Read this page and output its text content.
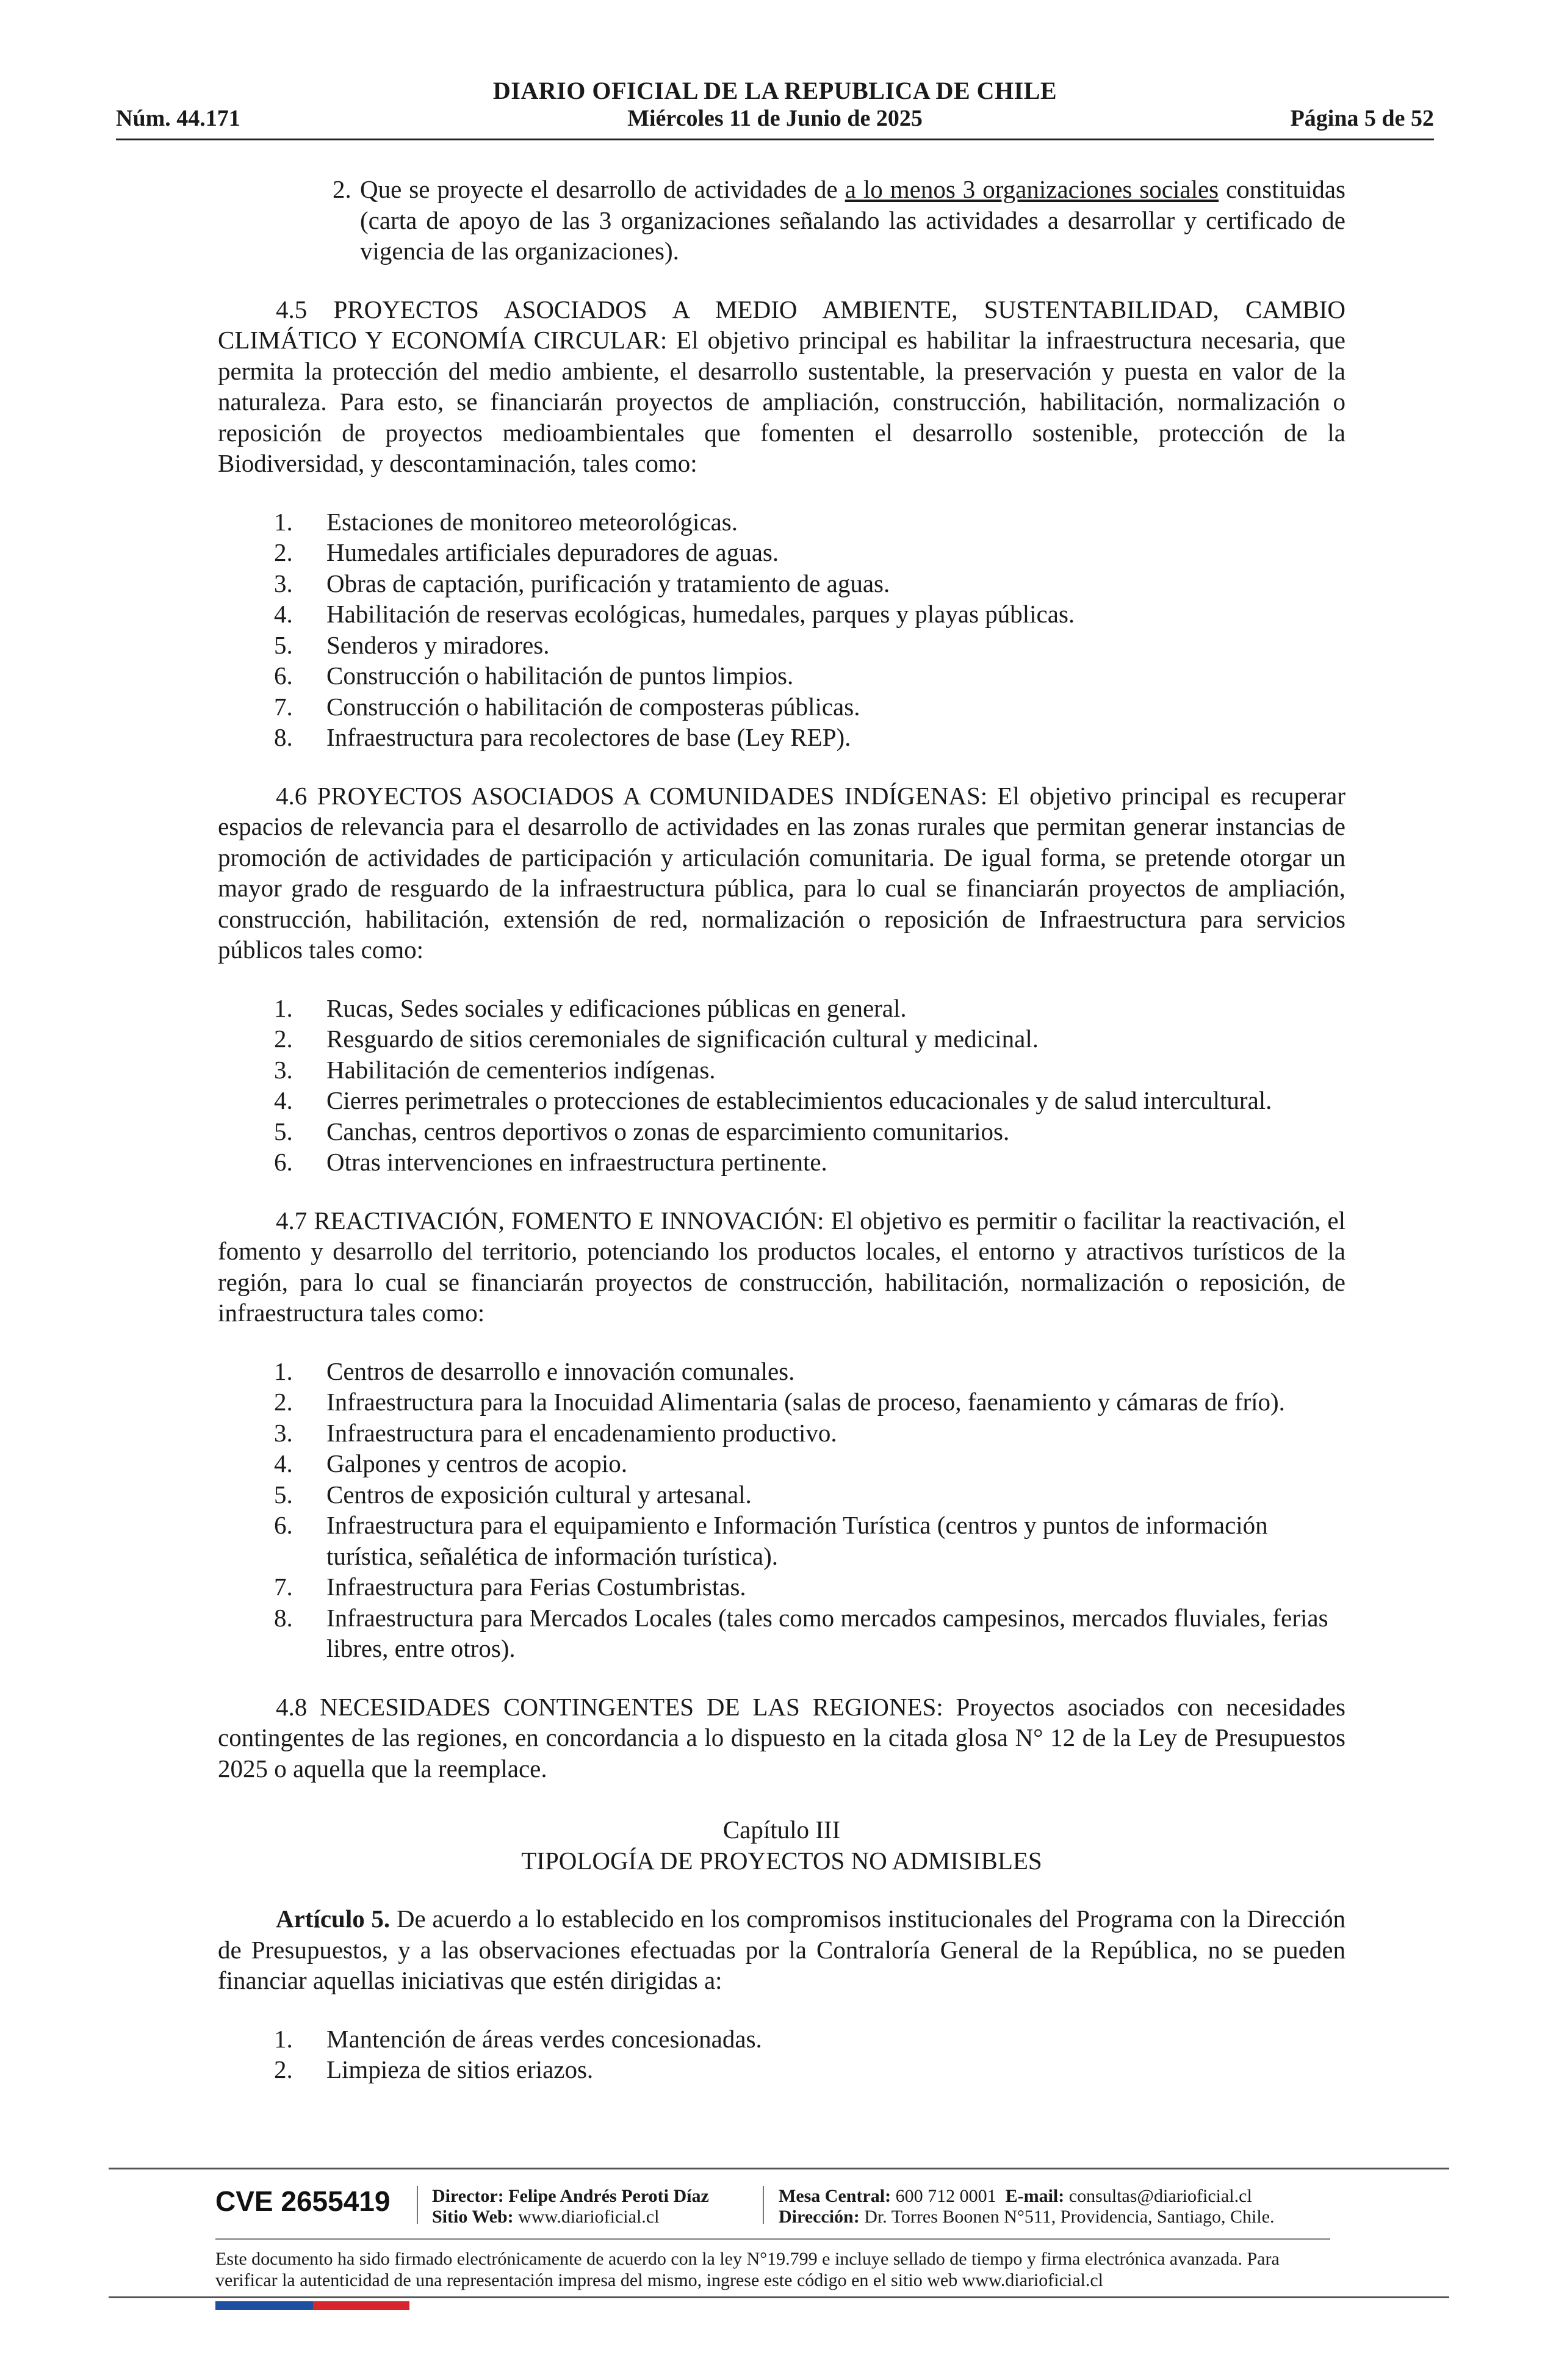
DIARIO OFICIAL DE LA REPUBLICA DE CHILE
Núm. 44.171	Miércoles 11 de Junio de 2025	Página 5 de 52
2. Que se proyecte el desarrollo de actividades de a lo menos 3 organizaciones sociales constituidas (carta de apoyo de las 3 organizaciones señalando las actividades a desarrollar y certificado de vigencia de las organizaciones).

4.5 PROYECTOS ASOCIADOS A MEDIO AMBIENTE, SUSTENTABILIDAD, CAMBIO CLIMÁTICO Y ECONOMÍA CIRCULAR: El objetivo principal es habilitar la infraestructura necesaria, que permita la protección del medio ambiente, el desarrollo sustentable, la preservación y puesta en valor de la naturaleza. Para esto, se financiarán proyectos de ampliación, construcción, habilitación, normalización o reposición de proyectos medioambientales que fomenten el desarrollo sostenible, protección de la Biodiversidad, y descontaminación, tales como:

1.	Estaciones de monitoreo meteorológicas.
2.	Humedales artificiales depuradores de aguas.
3.	Obras de captación, purificación y tratamiento de aguas.
4.	Habilitación de reservas ecológicas, humedales, parques y playas públicas.
5.	Senderos y miradores.
6.	Construcción o habilitación de puntos limpios.
7.	Construcción o habilitación de composteras públicas.
8.	Infraestructura para recolectores de base (Ley REP).

4.6 PROYECTOS ASOCIADOS A COMUNIDADES INDÍGENAS: El objetivo principal es recuperar espacios de relevancia para el desarrollo de actividades en las zonas rurales que permitan generar instancias de promoción de actividades de participación y articulación comunitaria. De igual forma, se pretende otorgar un mayor grado de resguardo de la infraestructura pública, para lo cual se financiarán proyectos de ampliación, construcción, habilitación, extensión de red, normalización o reposición de Infraestructura para servicios públicos tales como:

1.	Rucas, Sedes sociales y edificaciones públicas en general.
2.	Resguardo de sitios ceremoniales de significación cultural y medicinal.
3.	Habilitación de cementerios indígenas.
4.	Cierres perimetrales o protecciones de establecimientos educacionales y de salud intercultural.
5.	Canchas, centros deportivos o zonas de esparcimiento comunitarios.
6.	Otras intervenciones en infraestructura pertinente.

4.7 REACTIVACIÓN, FOMENTO E INNOVACIÓN: El objetivo es permitir o facilitar la reactivación, el fomento y desarrollo del territorio, potenciando los productos locales, el entorno y atractivos turísticos de la región, para lo cual se financiarán proyectos de construcción, habilitación, normalización o reposición, de infraestructura tales como:

1.	Centros de desarrollo e innovación comunales.
2.	Infraestructura para la Inocuidad Alimentaria (salas de proceso, faenamiento y cámaras de frío).
3.	Infraestructura para el encadenamiento productivo.
4.	Galpones y centros de acopio.
5.	Centros de exposición cultural y artesanal.
6.	Infraestructura para el equipamiento e Información Turística (centros y puntos de información turística, señalética de información turística).
7.	Infraestructura para Ferias Costumbristas.
8.	Infraestructura para Mercados Locales (tales como mercados campesinos, mercados fluviales, ferias libres, entre otros).

4.8 NECESIDADES CONTINGENTES DE LAS REGIONES: Proyectos asociados con necesidades contingentes de las regiones, en concordancia a lo dispuesto en la citada glosa N° 12 de la Ley de Presupuestos 2025 o aquella que la reemplace.

Capítulo III
TIPOLOGÍA DE PROYECTOS NO ADMISIBLES

Artículo 5. De acuerdo a lo establecido en los compromisos institucionales del Programa con la Dirección de Presupuestos, y a las observaciones efectuadas por la Contraloría General de la República, no se pueden financiar aquellas iniciativas que estén dirigidas a:

1.	Mantención de áreas verdes concesionadas.
2.	Limpieza de sitios eriazos.
CVE 2655419 Director: Felipe Andrés Peroti Díaz
Sitio Web: www.diarioficial.cl
Mesa Central: 600 712 0001 E-mail: consultas@diarioficial.cl
Dirección: Dr. Torres Boonen N°511, Providencia, Santiago, Chile.
Este documento ha sido firmado electrónicamente de acuerdo con la ley N°19.799 e incluye sellado de tiempo y firma electrónica avanzada. Para verificar la autenticidad de una representación impresa del mismo, ingrese este código en el sitio web www.diarioficial.cl
